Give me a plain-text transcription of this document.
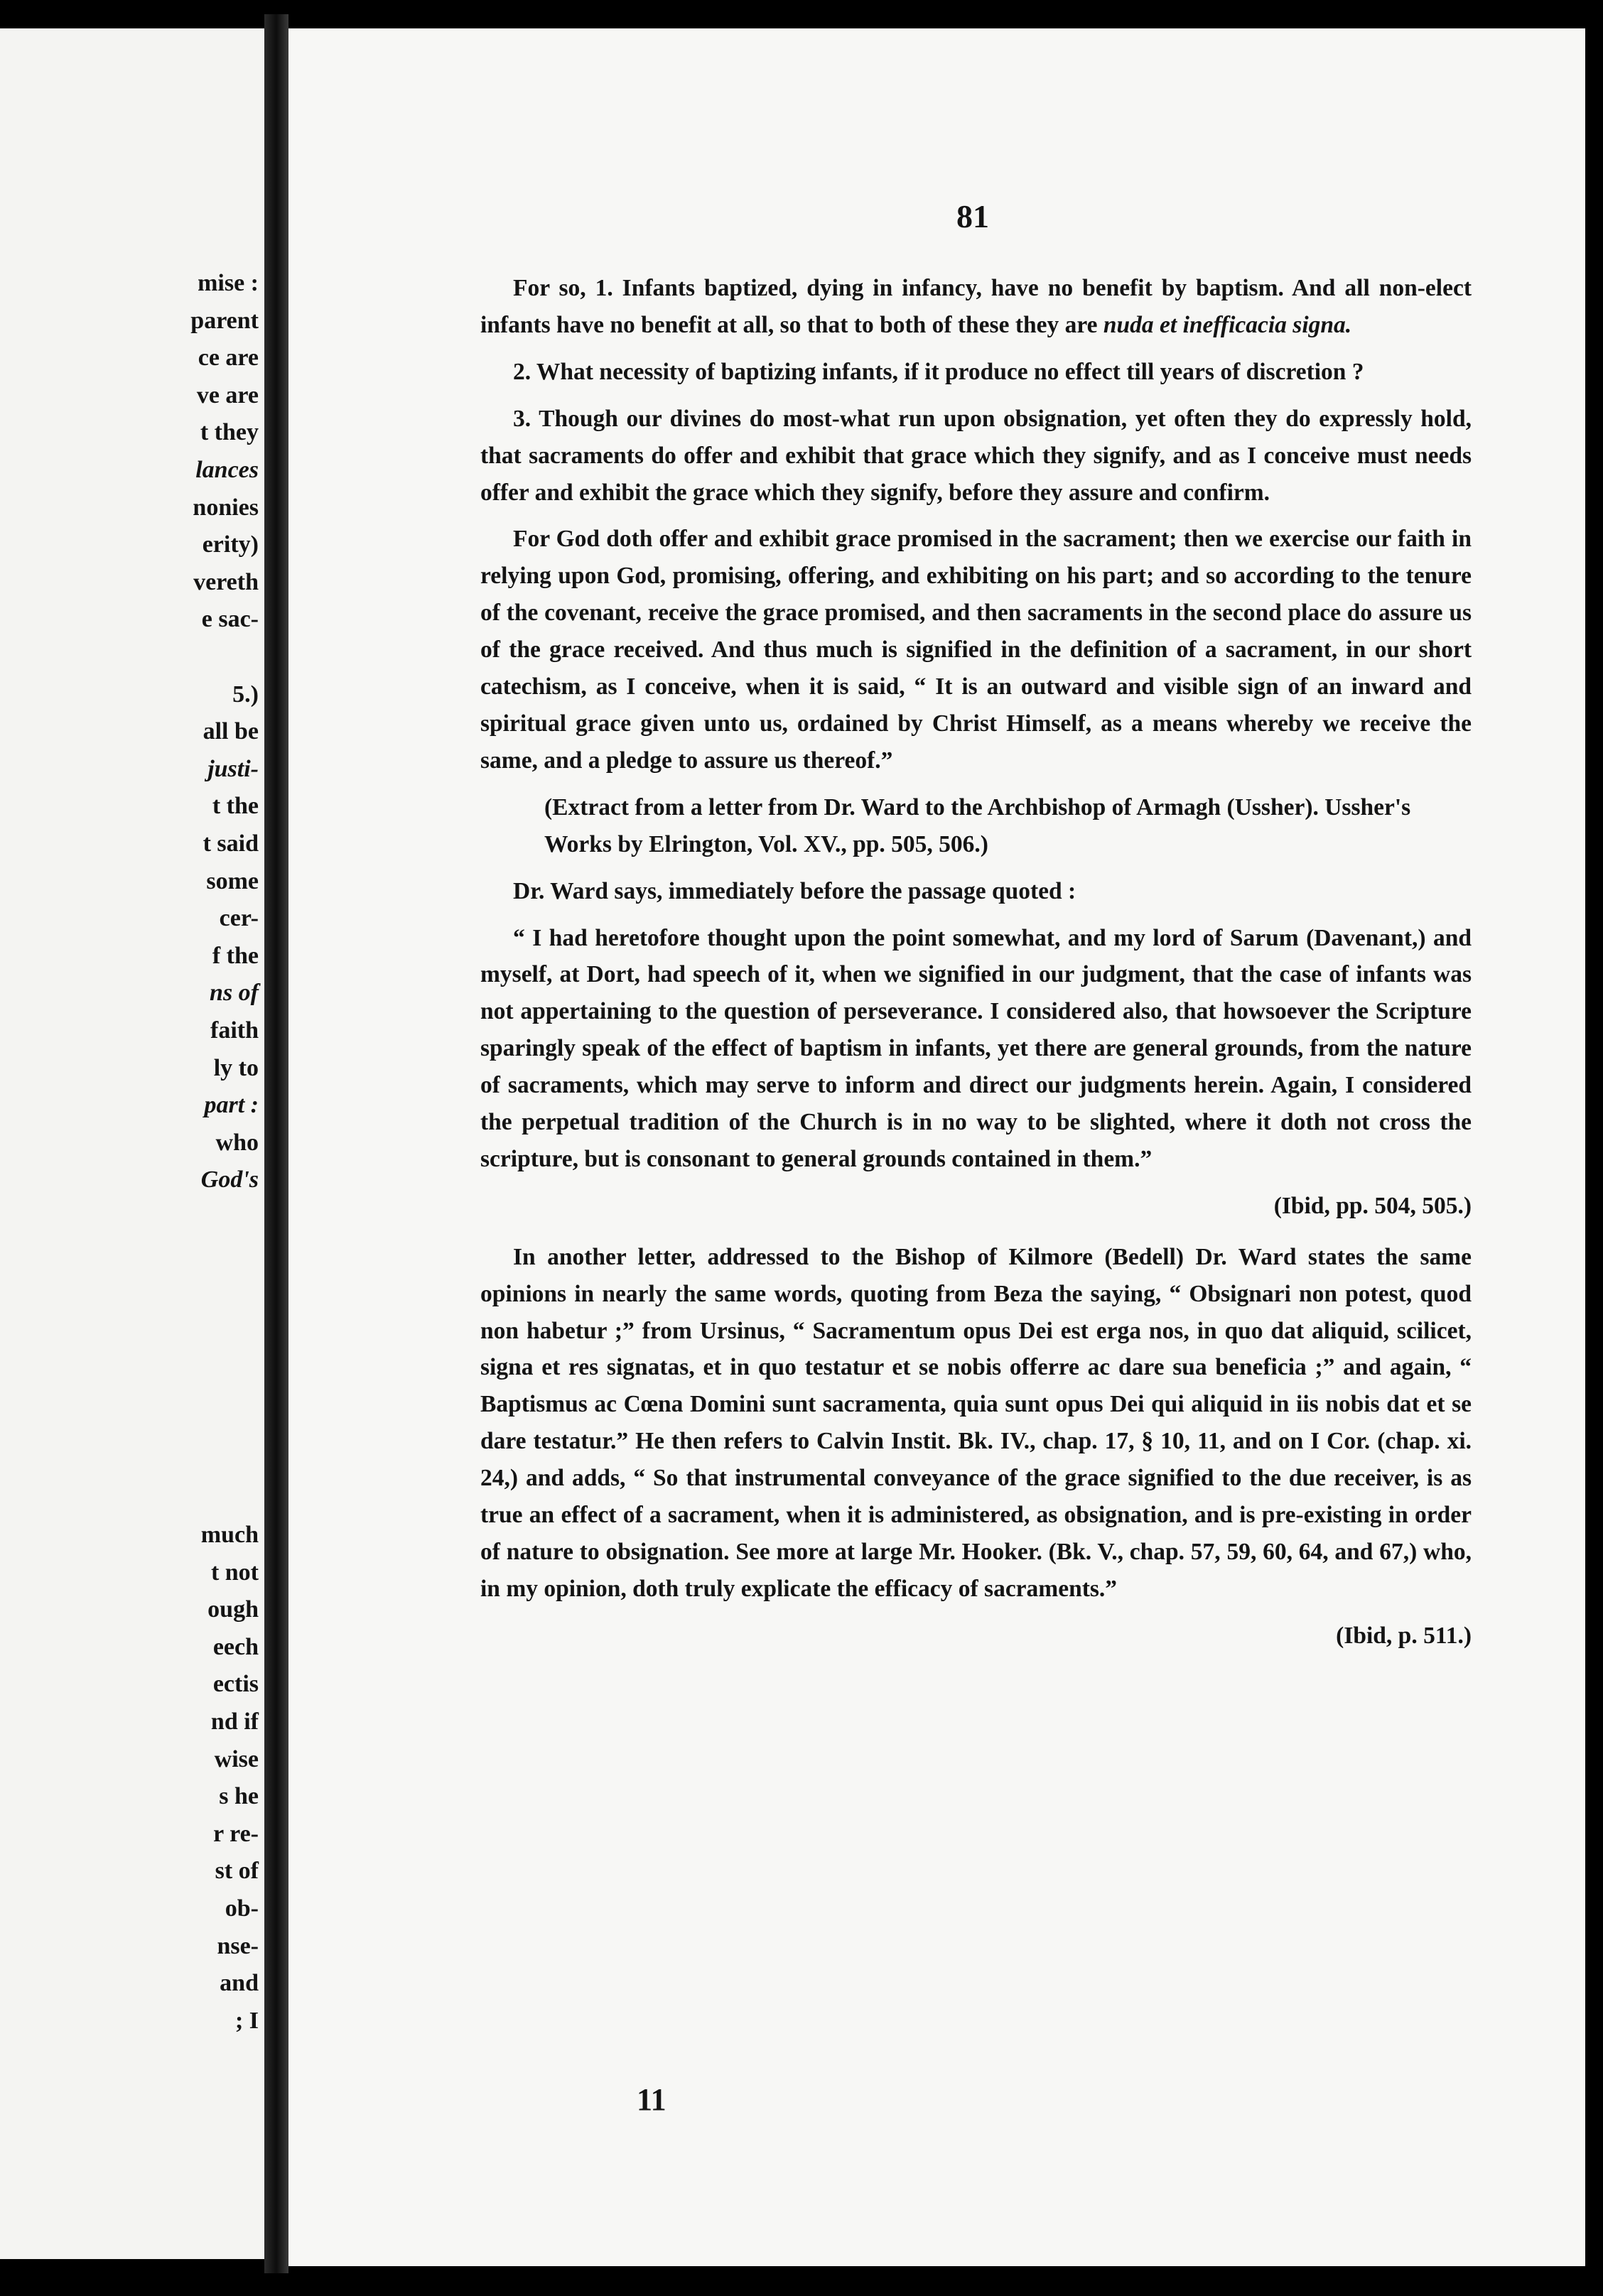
mise :
parent
ce are
ve are
t they
lances
nonies
erity)
vereth
e sac-
5.)
all be
justi-
t the
t said
some
cer-
f the
ns of
faith
ly to
part :
who
God's
much
t not
ough
eech
ectis
nd if
wise
s he
r re-
st of
ob-
nse-
and
; I
81

For so, 1. Infants baptized, dying in infancy, have no benefit by baptism. And all non-elect infants have no benefit at all, so that to both of these they are nuda et inefficacia signa.

2. What necessity of baptizing infants, if it produce no effect till years of discretion ?

3. Though our divines do most-what run upon obsignation, yet often they do expressly hold, that sacraments do offer and exhibit that grace which they signify, and as I conceive must needs offer and exhibit the grace which they signify, before they assure and confirm.

For God doth offer and exhibit grace promised in the sacrament; then we exercise our faith in relying upon God, promising, offering, and exhibiting on his part; and so according to the tenure of the covenant, receive the grace promised, and then sacraments in the second place do assure us of the grace received. And thus much is signified in the definition of a sacrament, in our short catechism, as I conceive, when it is said, “ It is an outward and visible sign of an inward and spiritual grace given unto us, ordained by Christ Himself, as a means whereby we receive the same, and a pledge to assure us thereof.”

(Extract from a letter from Dr. Ward to the Archbishop of Armagh (Ussher). Ussher's Works by Elrington, Vol. XV., pp. 505, 506.)

Dr. Ward says, immediately before the passage quoted :

“ I had heretofore thought upon the point somewhat, and my lord of Sarum (Davenant,) and myself, at Dort, had speech of it, when we signified in our judgment, that the case of infants was not appertaining to the question of perseverance. I considered also, that howsoever the Scripture sparingly speak of the effect of baptism in infants, yet there are general grounds, from the nature of sacraments, which may serve to inform and direct our judgments herein. Again, I considered the perpetual tradition of the Church is in no way to be slighted, where it doth not cross the scripture, but is consonant to general grounds contained in them.”

(Ibid, pp. 504, 505.)

In another letter, addressed to the Bishop of Kilmore (Bedell) Dr. Ward states the same opinions in nearly the same words, quoting from Beza the saying, “ Obsignari non potest, quod non habetur ;” from Ursinus, “ Sacramentum opus Dei est erga nos, in quo dat aliquid, scilicet, signa et res signatas, et in quo testatur et se nobis offerre ac dare sua beneficia ;” and again, “ Baptismus ac Cœna Domini sunt sacramenta, quia sunt opus Dei qui aliquid in iis nobis dat et se dare testatur.” He then refers to Calvin Instit. Bk. IV., chap. 17, § 10, 11, and on I Cor. (chap. xi. 24,) and adds, “ So that instrumental conveyance of the grace signified to the due receiver, is as true an effect of a sacrament, when it is administered, as obsignation, and is pre-existing in order of nature to obsignation. See more at large Mr. Hooker. (Bk. V., chap. 57, 59, 60, 64, and 67,) who, in my opinion, doth truly explicate the efficacy of sacraments.”

(Ibid, p. 511.)

11
